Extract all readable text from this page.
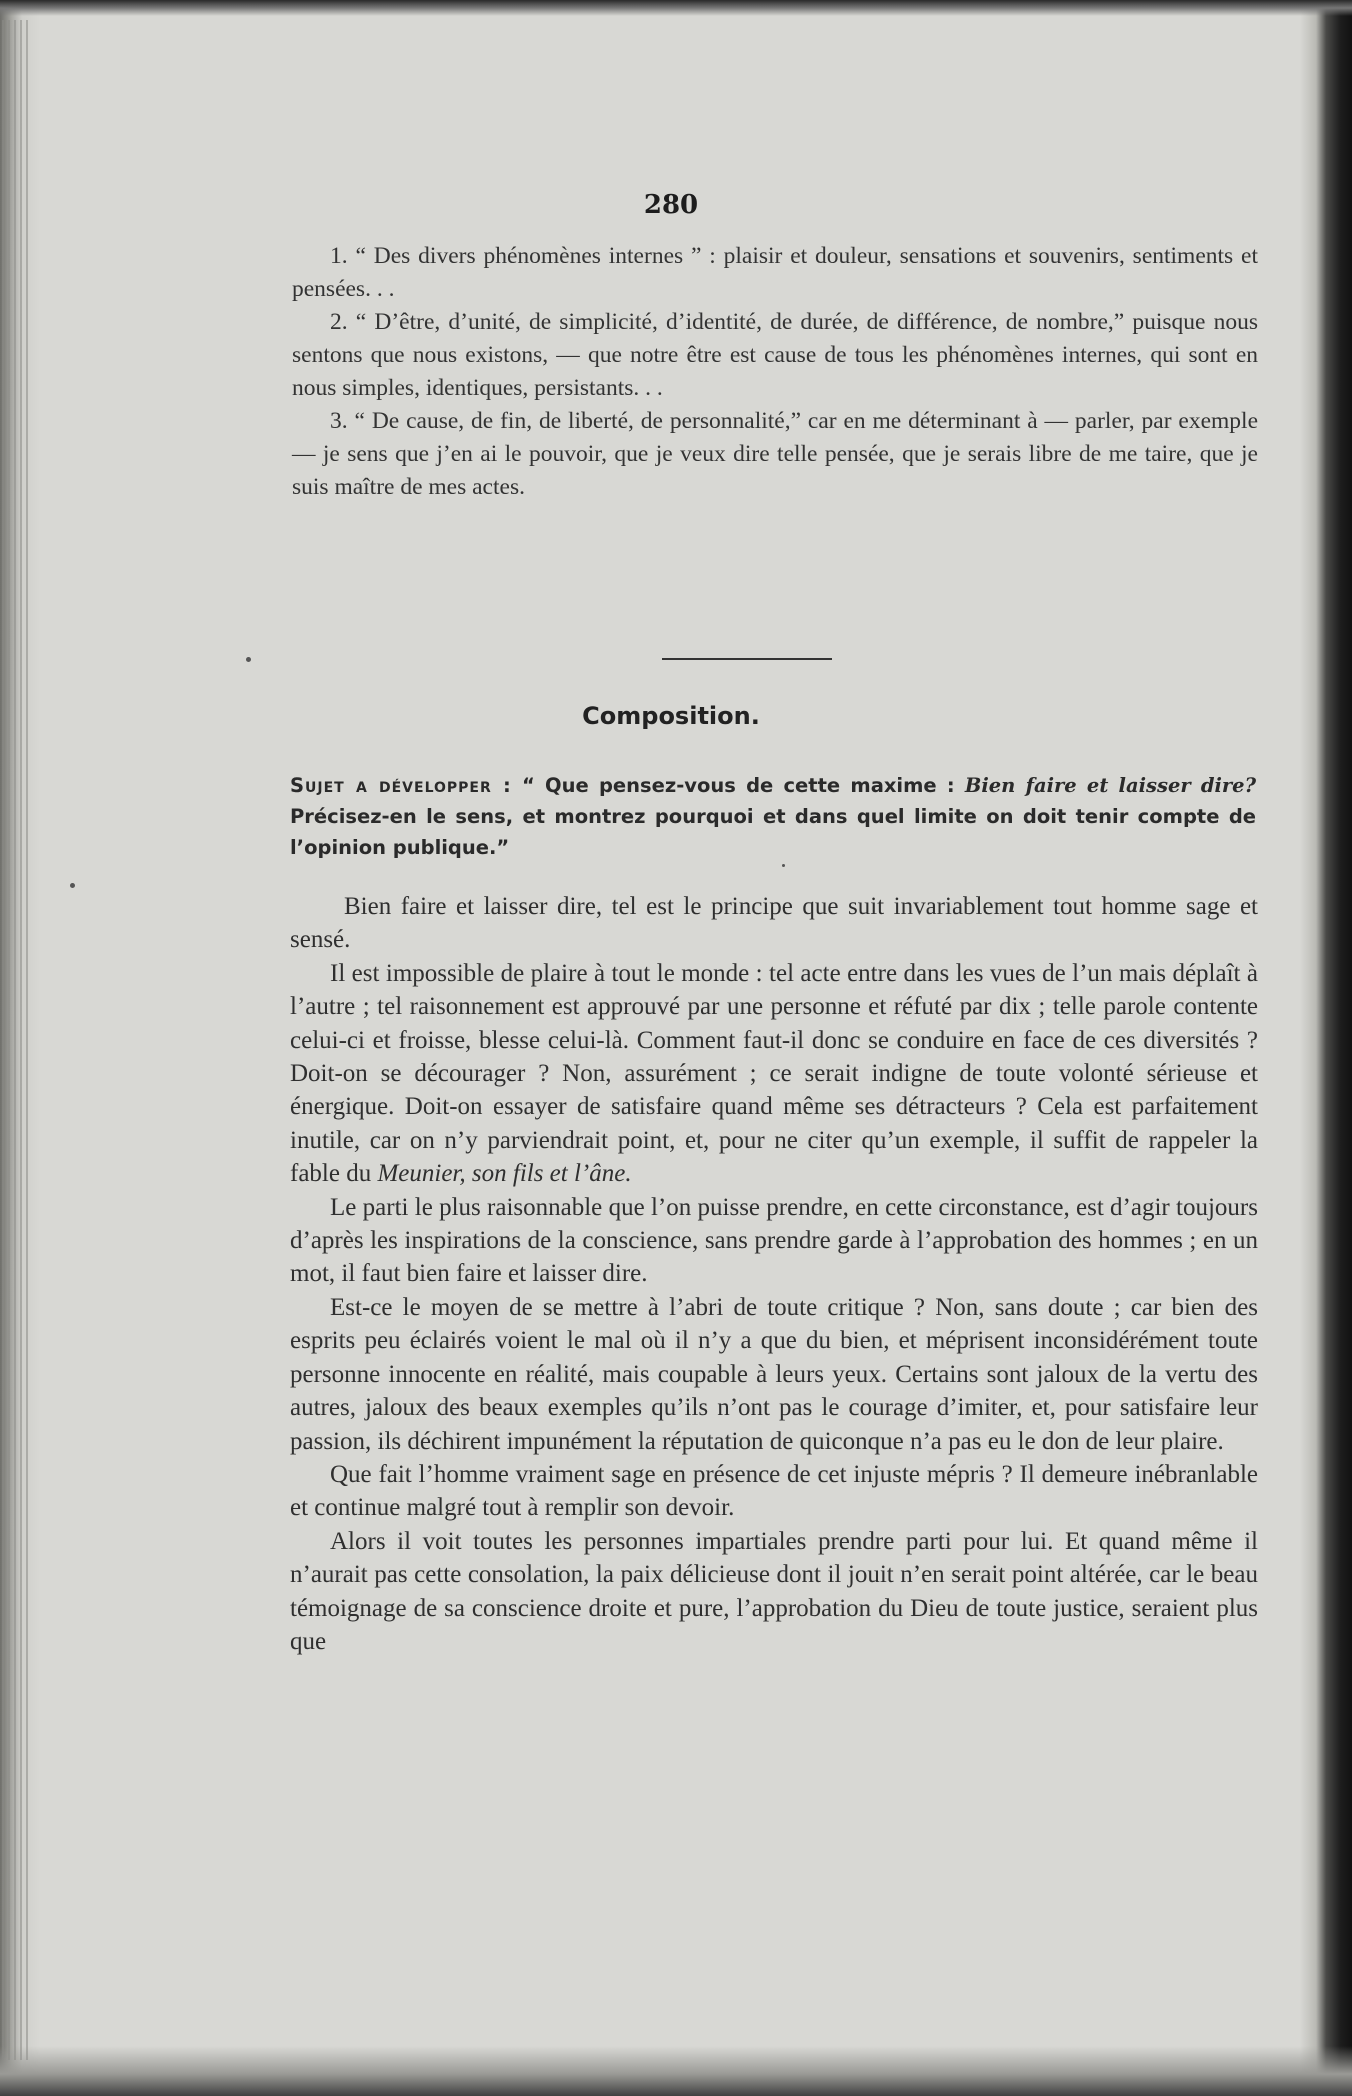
280

1. “ Des divers phénomènes internes ” : plaisir et douleur, sensations et souvenirs, sentiments et pensées. . .

2. “ D’être, d’unité, de simplicité, d’identité, de durée, de différence, de nombre,” puisque nous sentons que nous existons, — que notre être est cause de tous les phénomènes internes, qui sont en nous simples, identiques, persistants. . .

3. “ De cause, de fin, de liberté, de personnalité,” car en me déterminant à — parler, par exemple — je sens que j’en ai le pouvoir, que je veux dire telle pensée, que je serais libre de me taire, que je suis maître de mes actes.

Composition.
Sujet a développer : “ Que pensez-vous de cette maxime : Bien faire et laisser dire? Précisez-en le sens, et montrez pourquoi et dans quel limite on doit tenir compte de l’opinion publique.”

Bien faire et laisser dire, tel est le principe que suit invariablement tout homme sage et sensé.

Il est impossible de plaire à tout le monde : tel acte entre dans les vues de l’un mais déplaît à l’autre ; tel raisonnement est approuvé par une personne et réfuté par dix ; telle parole contente celui-ci et froisse, blesse celui-là. Comment faut-il donc se conduire en face de ces diversités ? Doit-on se décourager ? Non, assurément ; ce serait indigne de toute volonté sérieuse et énergique. Doit-on essayer de satisfaire quand même ses détracteurs ? Cela est parfaitement inutile, car on n’y parviendrait point, et, pour ne citer qu’un exemple, il suffit de rappeler la fable du Meunier, son fils et l’âne.

Le parti le plus raisonnable que l’on puisse prendre, en cette circonstance, est d’agir toujours d’après les inspirations de la conscience, sans prendre garde à l’approbation des hommes ; en un mot, il faut bien faire et laisser dire.

Est-ce le moyen de se mettre à l’abri de toute critique ? Non, sans doute ; car bien des esprits peu éclairés voient le mal où il n’y a que du bien, et méprisent inconsidérément toute personne innocente en réalité, mais coupable à leurs yeux. Certains sont jaloux de la vertu des autres, jaloux des beaux exemples qu’ils n’ont pas le courage d’imiter, et, pour satisfaire leur passion, ils déchirent impunément la réputation de quiconque n’a pas eu le don de leur plaire.

Que fait l’homme vraiment sage en présence de cet injuste mépris ? Il demeure inébranlable et continue malgré tout à remplir son devoir.

Alors il voit toutes les personnes impartiales prendre parti pour lui. Et quand même il n’aurait pas cette consolation, la paix délicieuse dont il jouit n’en serait point altérée, car le beau témoignage de sa conscience droite et pure, l’approbation du Dieu de toute justice, seraient plus que
